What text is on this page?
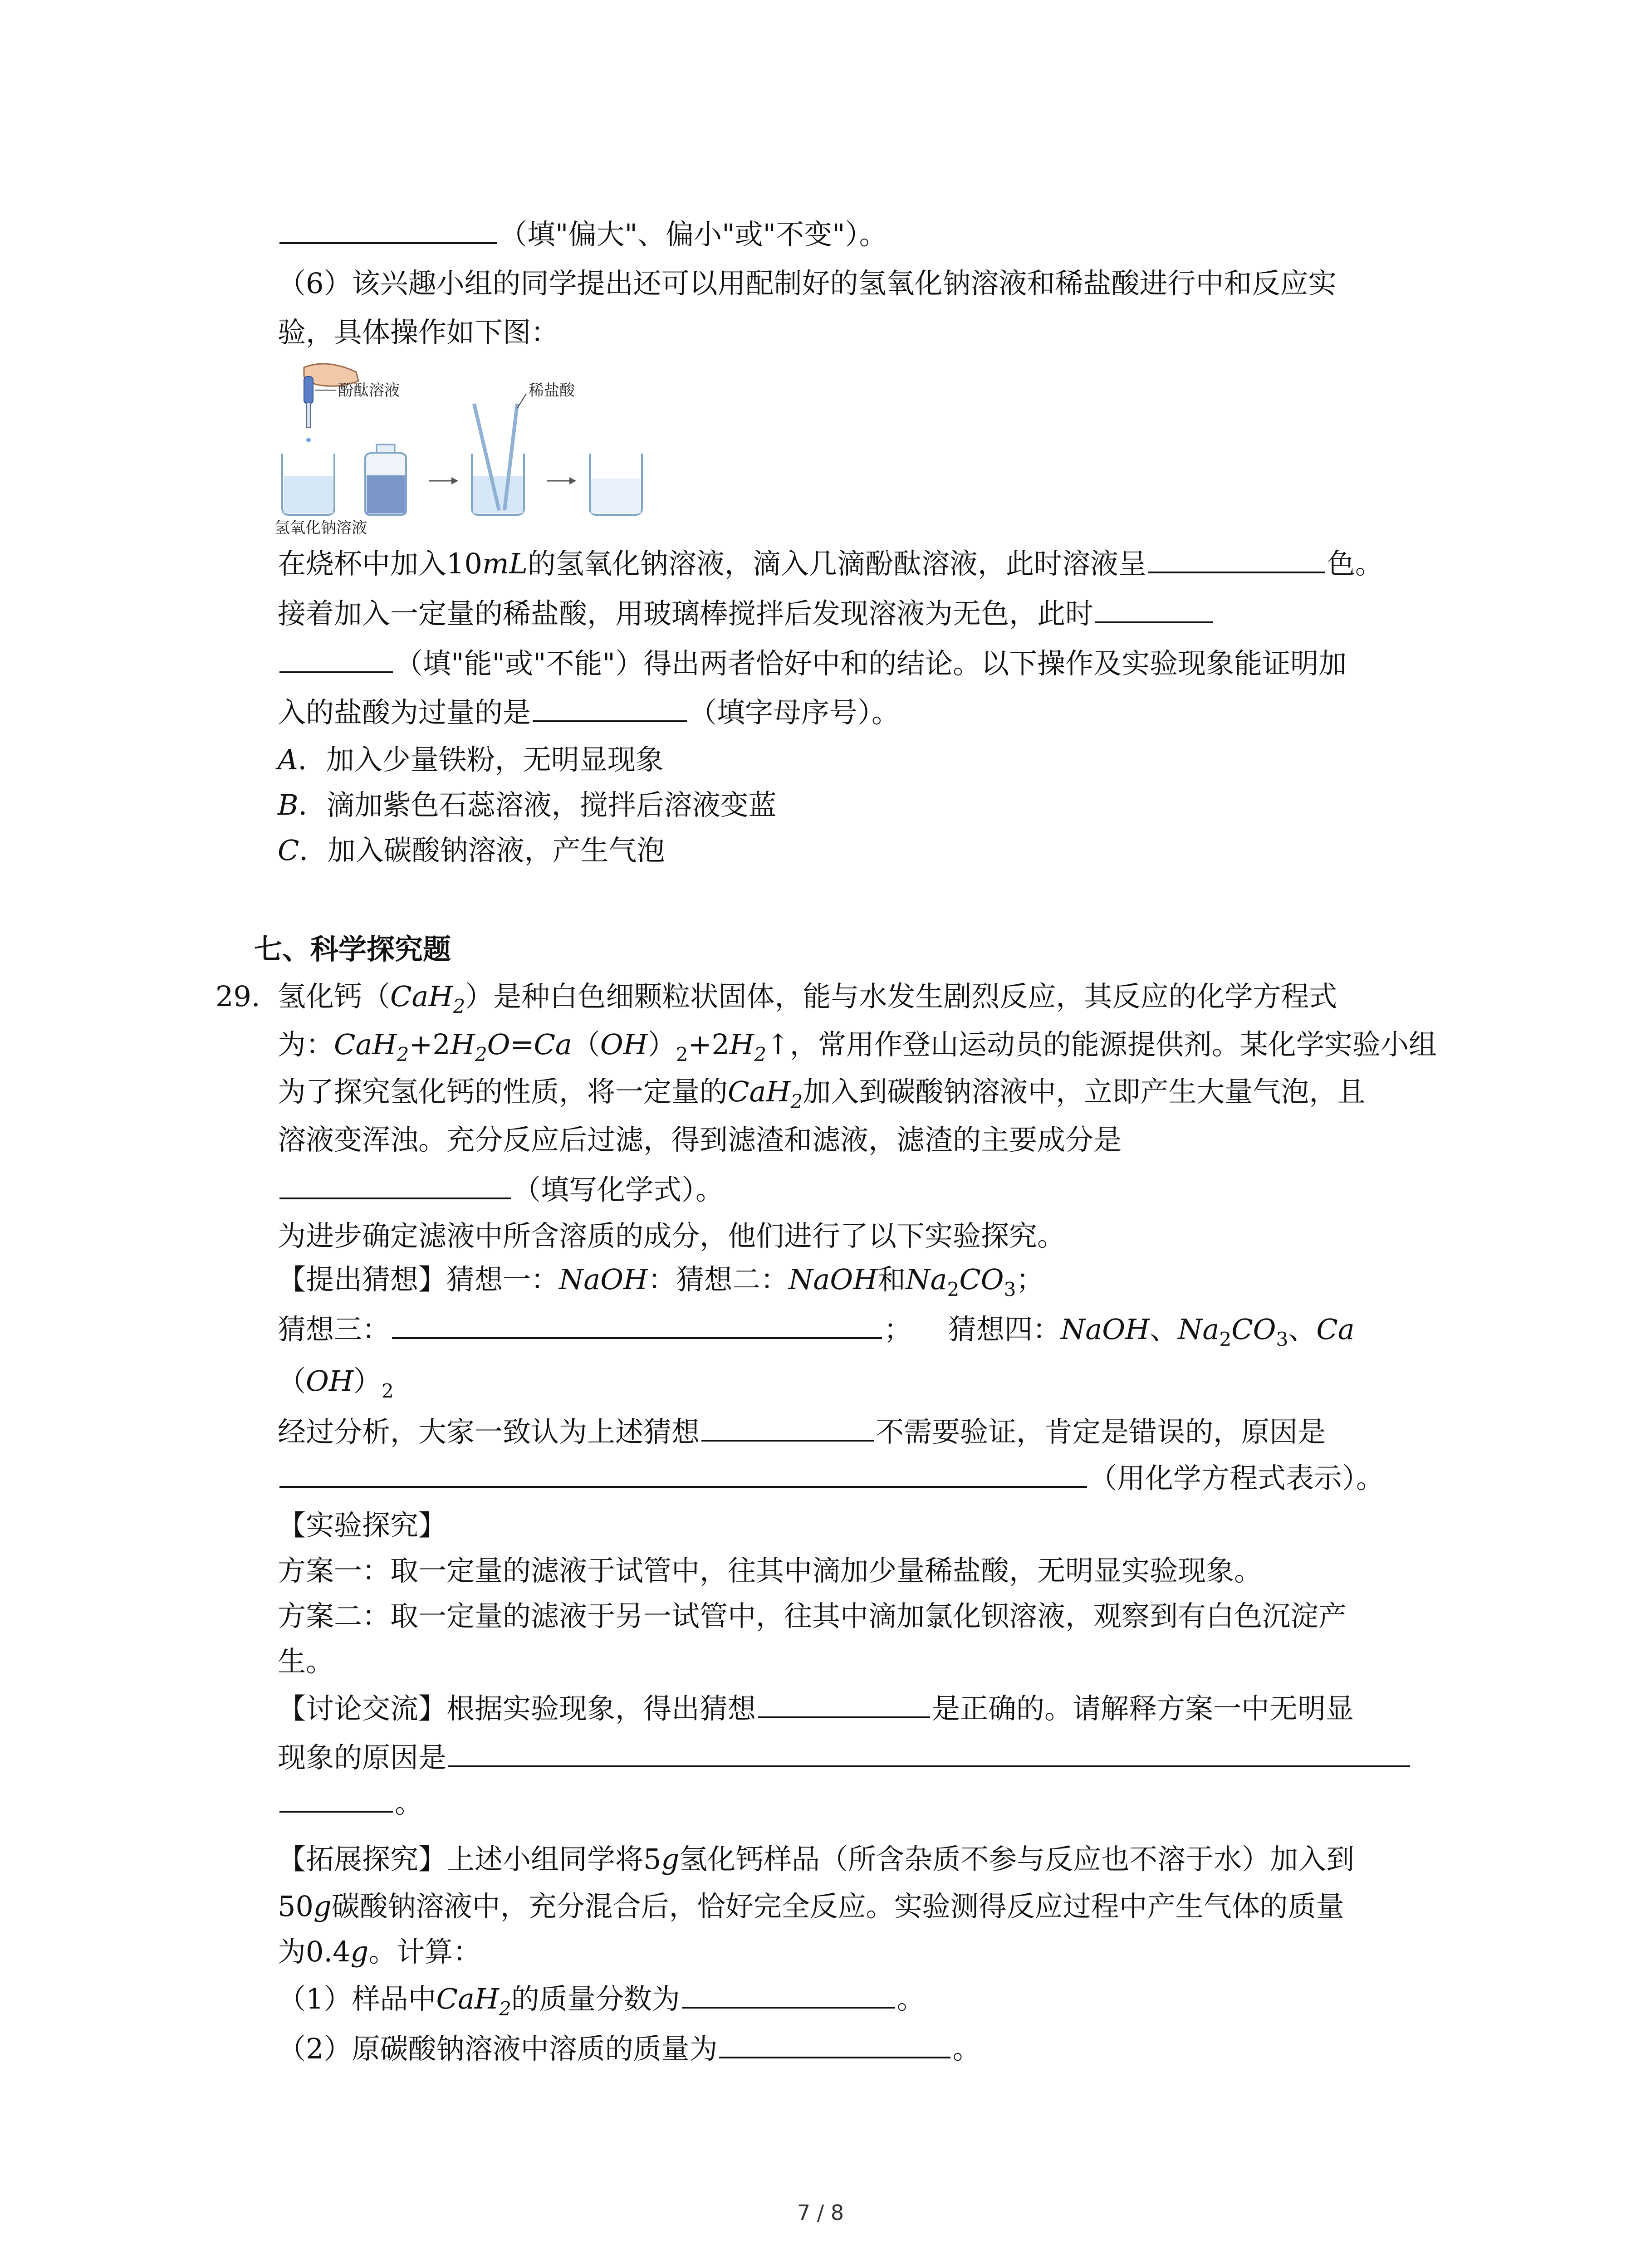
（填"偏大"、偏小"或"不变"）。
（6）该兴趣小组的同学提出还可以用配制好的氢氧化钠溶液和稀盐酸进行中和反应实
验，具体操作如下图：
酚酞溶液	稀盐酸
氢氧化钠溶液
在烧杯中加入10mL的氢氧化钠溶液，滴入几滴酚酞溶液，此时溶液呈	色。
接着加入一定量的稀盐酸，用玻璃棒搅拌后发现溶液为无色，此时
（填"能"或"不能"）得出两者恰好中和的结论。以下操作及实验现象能证明加
入的盐酸为过量的是	（填字母序号）。
A．加入少量铁粉，无明显现象
B．滴加紫色石蕊溶液，搅拌后溶液变蓝
C．加入碳酸钠溶液，产生气泡
七、科学探究题
29. 氢化钙（CaH$_2$）是种白色细颗粒状固体，能与水发生剧烈反应，其反应的化学方程式
为：$CaH_2+2H_2O=Ca(OH)_2+2H_2↑$，常用作登山运动员的能源提供剂。某化学实验小组
为了探究氢化钙的性质，将一定量的CaH$_2$加入到碳酸钠溶液中，立即产生大量气泡，且
溶液变浑浊。充分反应后过滤，得到滤渣和滤液，滤渣的主要成分是
（填写化学式）。
为进步确定滤液中所含溶质的成分，他们进行了以下实验探究。
【提出猜想】猜想一：NaOH：猜想二：NaOH和$Na_2CO_3$；
猜想三：	； 猜想四：NaOH、$Na_2CO_3$、Ca
$(OH)_2$
经过分析，大家一致认为上述猜想	不需要验证，肯定是错误的，原因是
（用化学方程式表示）。
【实验探究】
方案一：取一定量的滤液于试管中，往其中滴加少量稀盐酸，无明显实验现象。
方案二：取一定量的滤液于另一试管中，往其中滴加氯化钡溶液，观察到有白色沉淀产
生。
【讨论交流】根据实验现象，得出猜想	是正确的。请解释方案一中无明显
现象的原因是
。
【拓展探究】上述小组同学将5g氢化钙样品（所含杂质不参与反应也不溶于水）加入到
50g碳酸钠溶液中，充分混合后，恰好完全反应。实验测得反应过程中产生气体的质量
为0.4g。计算：
（1）样品中CaH$_2$的质量分数为	。
（2）原碳酸钠溶液中溶质的质量为	。
7 / 8
